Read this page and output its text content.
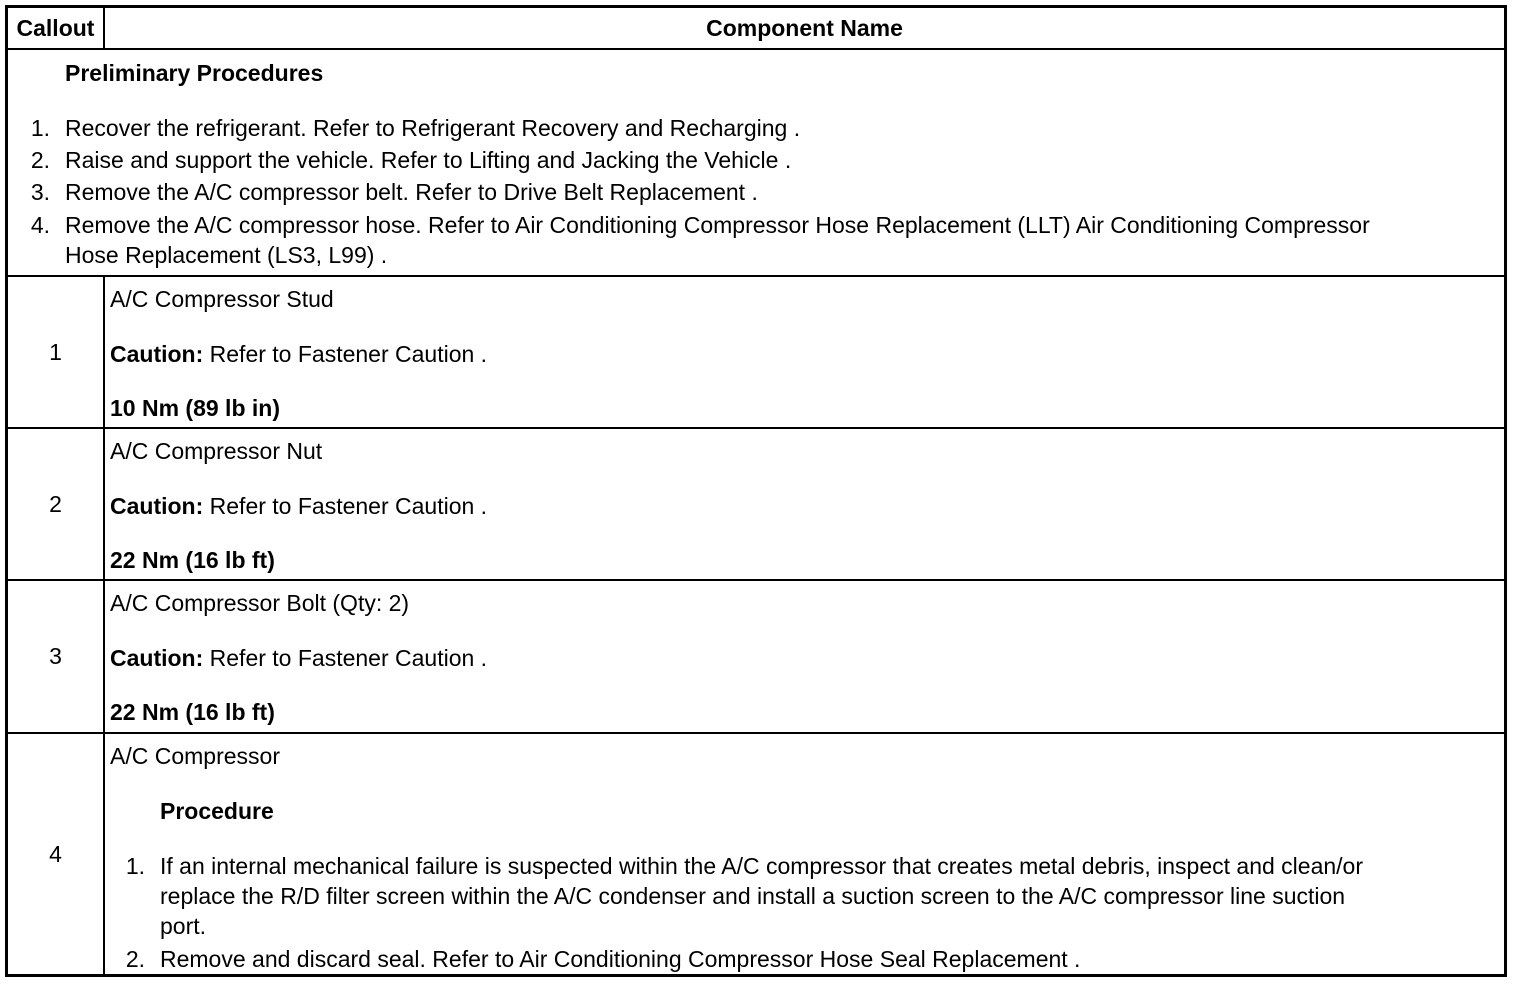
Callout	Component Name
Preliminary Procedures
1. Recover the refrigerant. Refer to Refrigerant Recovery and Recharging .
2. Raise and support the vehicle. Refer to Lifting and Jacking the Vehicle .
3. Remove the A/C compressor belt. Refer to Drive Belt Replacement .
4. Remove the A/C compressor hose. Refer to Air Conditioning Compressor Hose Replacement (LLT) Air Conditioning Compressor
Hose Replacement (LS3, L99) .
1
A/C Compressor Stud
Caution: Refer to Fastener Caution .
10 Nm (89 lb in)
2
A/C Compressor Nut
Caution: Refer to Fastener Caution .
22 Nm (16 lb ft)
3
A/C Compressor Bolt (Qty: 2)
Caution: Refer to Fastener Caution .
22 Nm (16 lb ft)
4
A/C Compressor
Procedure
1. If an internal mechanical failure is suspected within the A/C compressor that creates metal debris, inspect and clean/or
replace the R/D filter screen within the A/C condenser and install a suction screen to the A/C compressor line suction
port.
2. Remove and discard seal. Refer to Air Conditioning Compressor Hose Seal Replacement .
